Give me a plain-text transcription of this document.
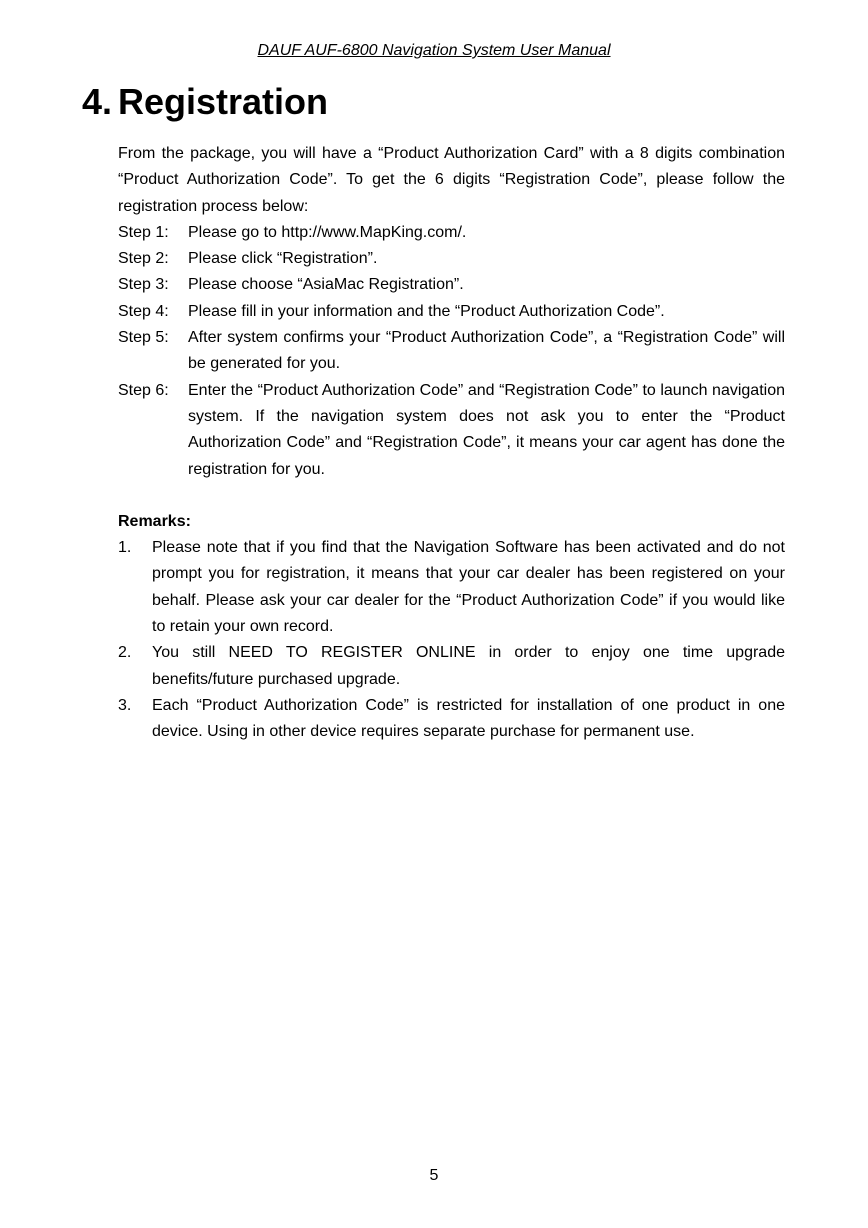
DAUF AUF-6800 Navigation System User Manual
4. Registration

From the package, you will have a “Product Authorization Card” with a 8 digits combination “Product Authorization Code”. To get the 6 digits “Registration Code”, please follow the registration process below:

Step 1:	Please go to http://www.MapKing.com/.
Step 2:	Please click “Registration”.
Step 3:	Please choose “AsiaMac Registration”.
Step 4:	Please fill in your information and the “Product Authorization Code”.
Step 5:	After system confirms your “Product Authorization Code”, a “Registration Code” will be generated for you.
Step 6:	Enter the “Product Authorization Code” and “Registration Code” to launch navigation system. If the navigation system does not ask you to enter the “Product Authorization Code” and “Registration Code”, it means your car agent has done the registration for you.

Remarks:

1.	Please note that if you find that the Navigation Software has been activated and do not prompt you for registration, it means that your car dealer has been registered on your behalf. Please ask your car dealer for the “Product Authorization Code” if you would like to retain your own record.
2.	You still NEED TO REGISTER ONLINE in order to enjoy one time upgrade benefits/future purchased upgrade.
3.	Each “Product Authorization Code” is restricted for installation of one product in one device. Using in other device requires separate purchase for permanent use.
5
